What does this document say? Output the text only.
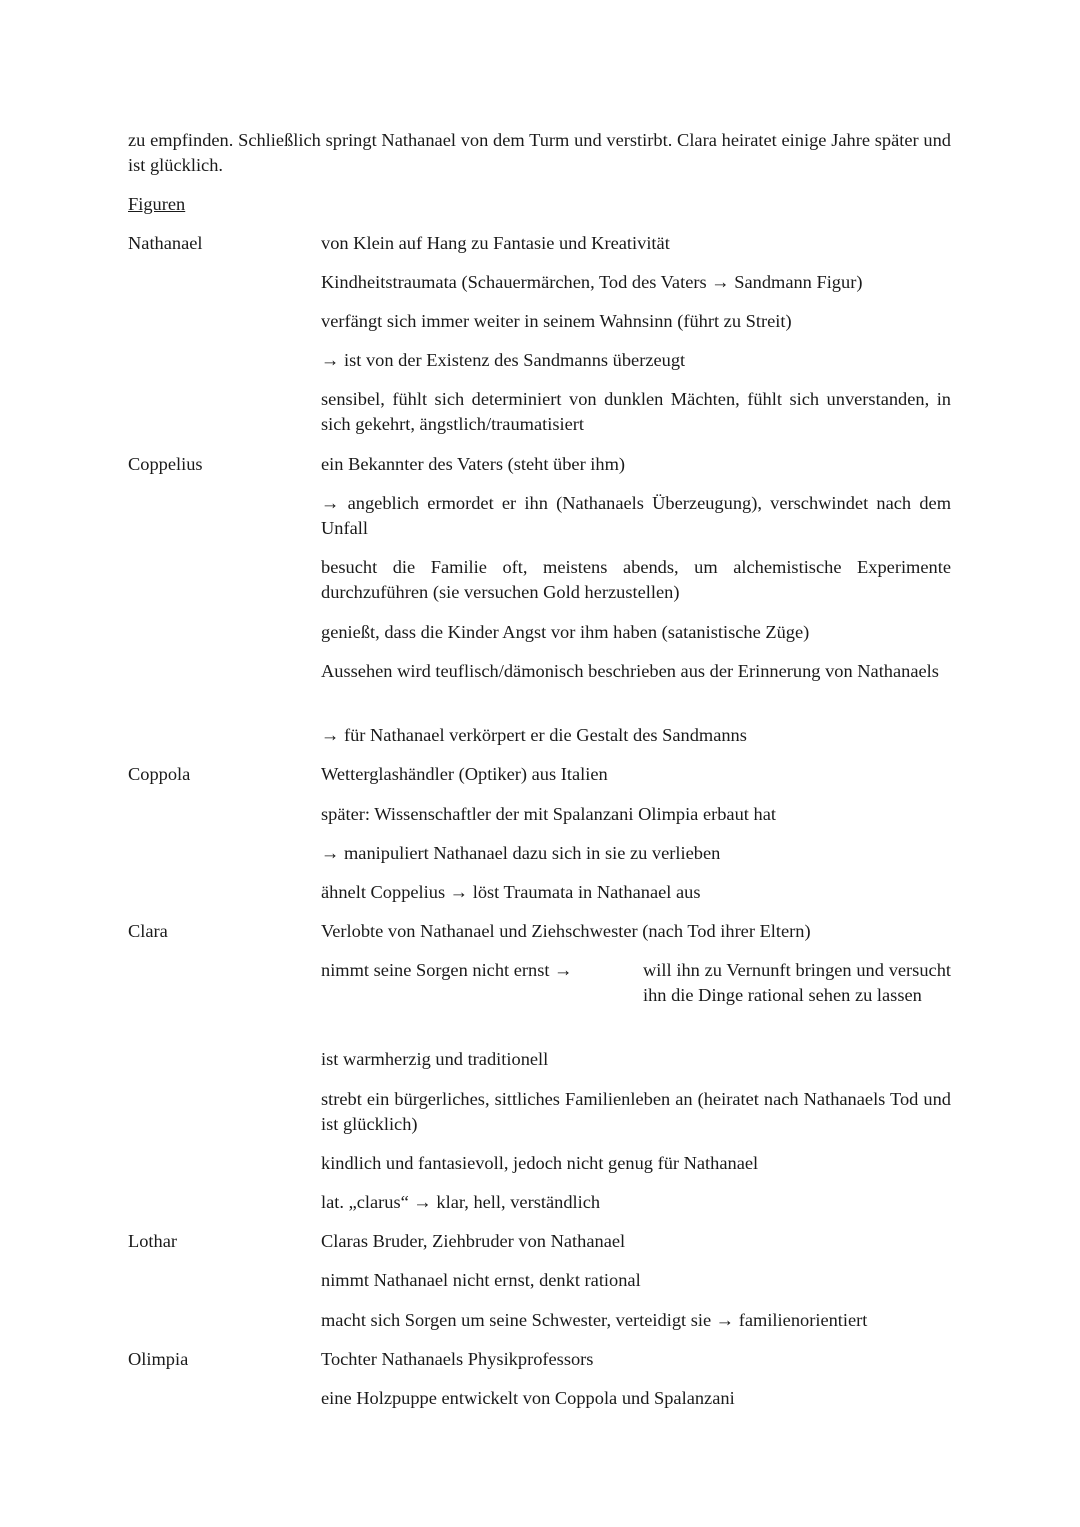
zu empfinden. Schließlich springt Nathanael von dem Turm und verstirbt. Clara heiratet einige Jahre später und ist glücklich.

Figuren

Nathanael	von Klein auf Hang zu Fantasie und Kreativität

Kindheitstraumata (Schauermärchen, Tod des Vaters → Sandmann Figur)

verfängt sich immer weiter in seinem Wahnsinn (führt zu Streit)

→ ist von der Existenz des Sandmanns überzeugt

sensibel, fühlt sich determiniert von dunklen Mächten, fühlt sich unverstanden, in sich gekehrt, ängstlich/traumatisiert

Coppelius	ein Bekannter des Vaters (steht über ihm)

→ angeblich ermordet er ihn (Nathanaels Überzeugung), verschwindet nach dem Unfall

besucht die Familie oft, meistens abends, um alchemistische Experimente durchzuführen (sie versuchen Gold herzustellen)

genießt, dass die Kinder Angst vor ihm haben (satanistische Züge)

Aussehen wird teuflisch/dämonisch beschrieben aus der Erinnerung von Nathanaels

→ für Nathanael verkörpert er die Gestalt des Sandmanns

Coppola	Wetterglashändler (Optiker) aus Italien

später: Wissenschaftler der mit Spalanzani Olimpia erbaut hat

→ manipuliert Nathanael dazu sich in sie zu verlieben

ähnelt Coppelius → löst Traumata in Nathanael aus

Clara	Verlobte von Nathanael und Ziehschwester (nach Tod ihrer Eltern)

nimmt seine Sorgen nicht ernst →	will ihn zu Vernunft bringen und versucht ihn die Dinge rational sehen zu lassen

ist warmherzig und traditionell

strebt ein bürgerliches, sittliches Familienleben an (heiratet nach Nathanaels Tod und ist glücklich)

kindlich und fantasievoll, jedoch nicht genug für Nathanael

lat. „clarus“ → klar, hell, verständlich

Lothar	Claras Bruder, Ziehbruder von Nathanael

nimmt Nathanael nicht ernst, denkt rational

macht sich Sorgen um seine Schwester, verteidigt sie → familienorientiert

Olimpia	Tochter Nathanaels Physikprofessors

eine Holzpuppe entwickelt von Coppola und Spalanzani
